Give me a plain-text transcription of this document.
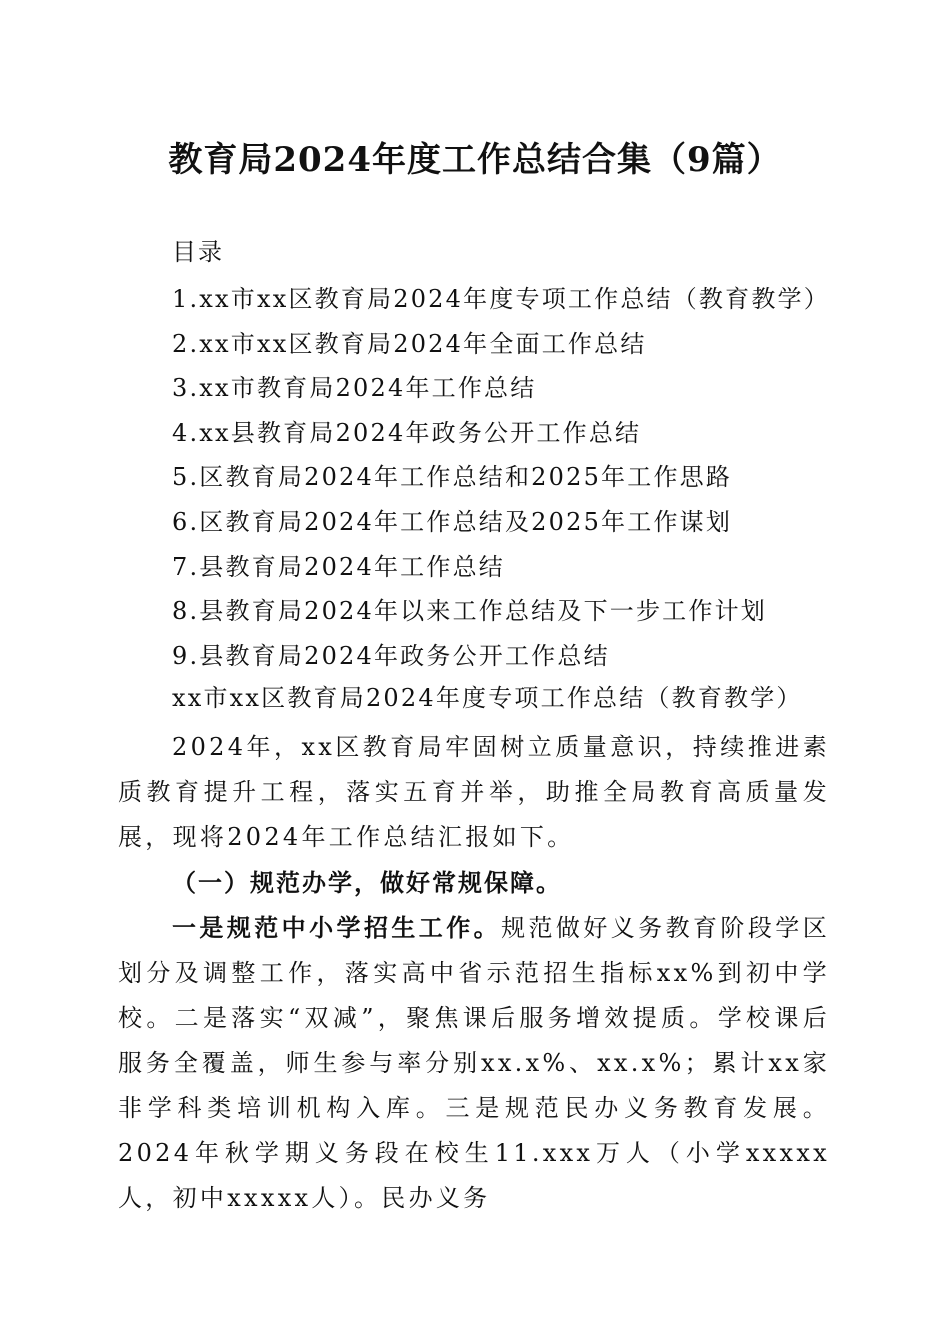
教育局2024年度工作总结合集（9篇）
目录
1.xx市xx区教育局2024年度专项工作总结（教育教学）
2.xx市xx区教育局2024年全面工作总结
3.xx市教育局2024年工作总结
4.xx县教育局2024年政务公开工作总结
5.区教育局2024年工作总结和2025年工作思路
6.区教育局2024年工作总结及2025年工作谋划
7.县教育局2024年工作总结
8.县教育局2024年以来工作总结及下一步工作计划
9.县教育局2024年政务公开工作总结
xx市xx区教育局2024年度专项工作总结（教育教学）

2024年，xx区教育局牢固树立质量意识，持续推进素质教育提升工程，落实五育并举，助推全局教育高质量发展，现将2024年工作总结汇报如下。

（一）规范办学，做好常规保障。

一是规范中小学招生工作。规范做好义务教育阶段学区划分及调整工作，落实高中省示范招生指标xx%到初中学校。二是落实“双减”，聚焦课后服务增效提质。学校课后服务全覆盖，师生参与率分别xx.x%、xx.x%；累计xx家非学科类培训机构入库。三是规范民办义务教育发展。2024年秋学期义务段在校生11.xxx万人（小学xxxxx人，初中xxxxx人）。民办义务
